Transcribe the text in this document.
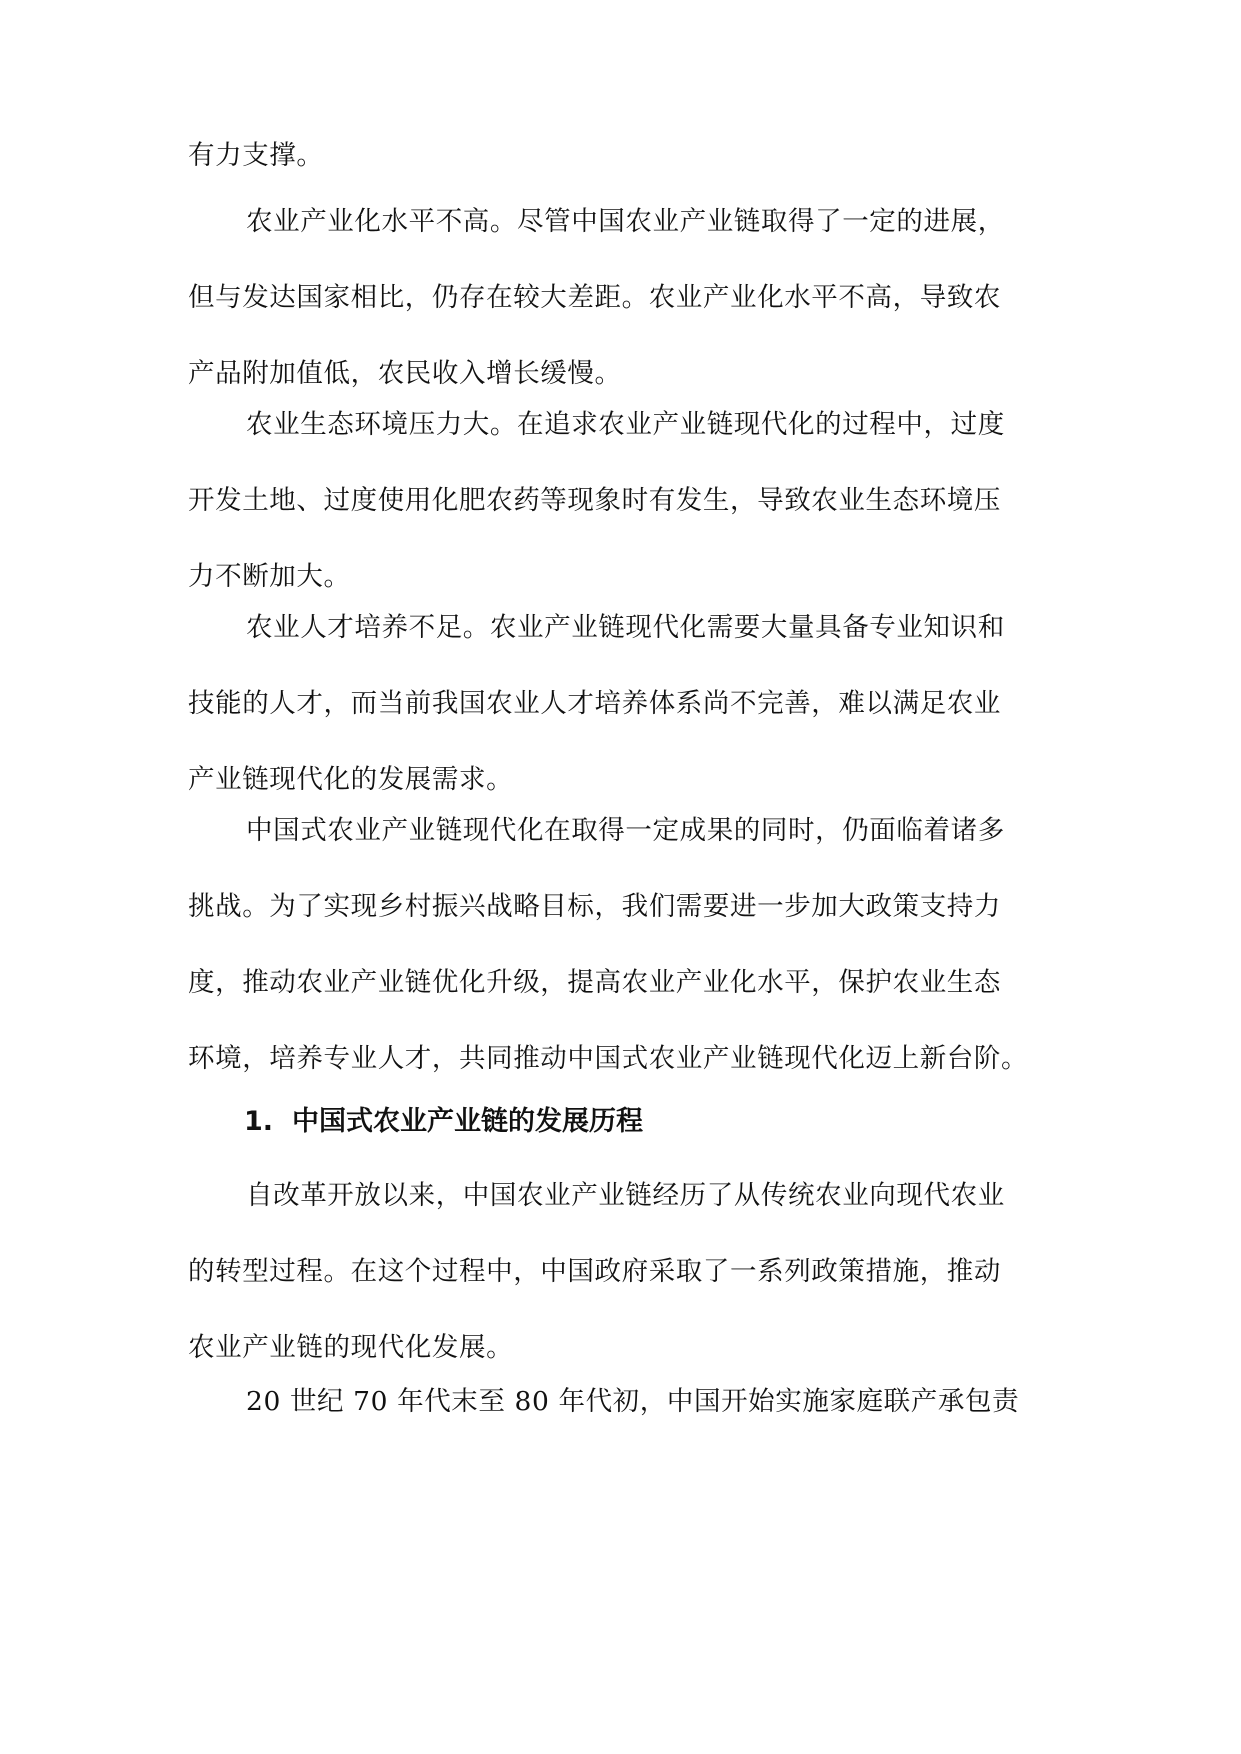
有力支撑。
农业产业化水平不高。尽管中国农业产业链取得了一定的进展，
但与发达国家相比，仍存在较大差距。农业产业化水平不高，导致农
产品附加值低，农民收入增长缓慢。
农业生态环境压力大。在追求农业产业链现代化的过程中，过度
开发土地、过度使用化肥农药等现象时有发生，导致农业生态环境压
力不断加大。
农业人才培养不足。农业产业链现代化需要大量具备专业知识和
技能的人才，而当前我国农业人才培养体系尚不完善，难以满足农业
产业链现代化的发展需求。
中国式农业产业链现代化在取得一定成果的同时，仍面临着诸多
挑战。为了实现乡村振兴战略目标，我们需要进一步加大政策支持力
度，推动农业产业链优化升级，提高农业产业化水平，保护农业生态
环境，培养专业人才，共同推动中国式农业产业链现代化迈上新台阶。
1. 中国式农业产业链的发展历程
自改革开放以来，中国农业产业链经历了从传统农业向现代农业
的转型过程。在这个过程中，中国政府采取了一系列政策措施，推动
农业产业链的现代化发展。
20 世纪 70 年代末至 80 年代初，中国开始实施家庭联产承包责
